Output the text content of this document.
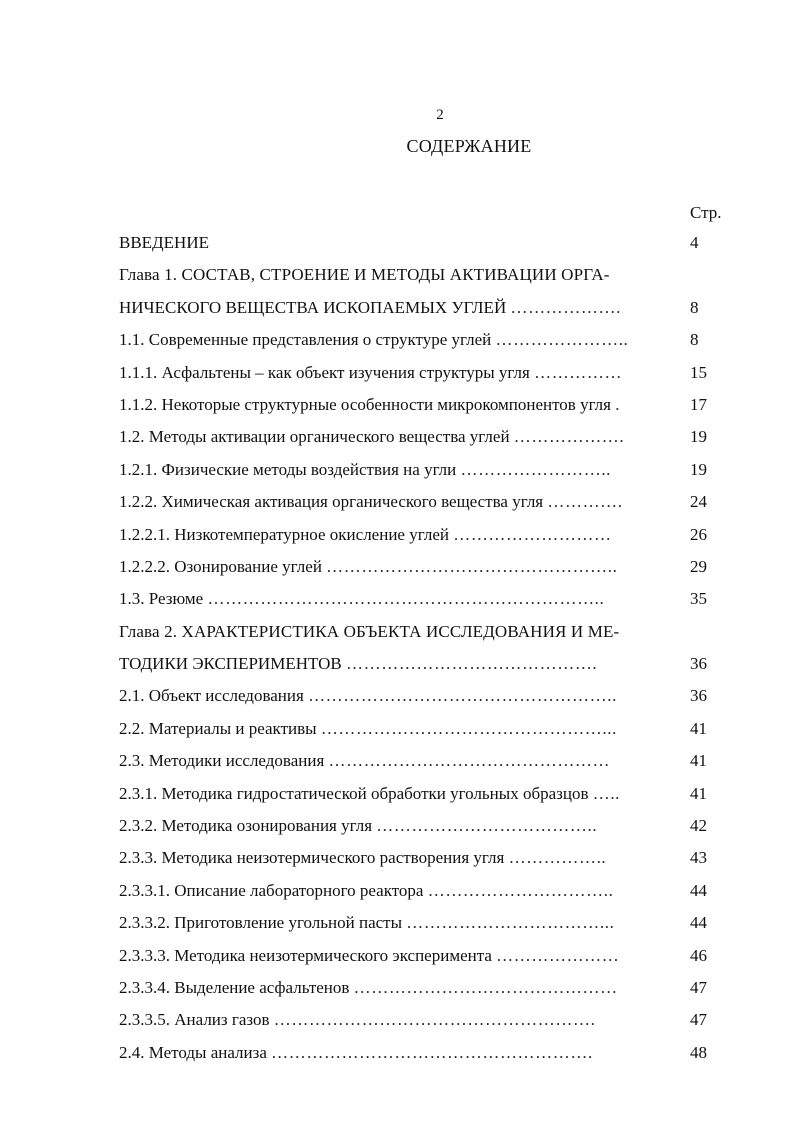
2
СОДЕРЖАНИЕ
Стр.
ВВЕДЕНИЕ	4
Глава 1. СОСТАВ, СТРОЕНИЕ И МЕТОДЫ АКТИВАЦИИ ОРГА-
НИЧЕСКОГО ВЕЩЕСТВА ИСКОПАЕМЫХ УГЛЕЙ ……………….	8
1.1. Современные представления о структуре углей …………………..	8
1.1.1. Асфальтены – как объект изучения структуры угля ……………	15
1.1.2. Некоторые структурные особенности микрокомпонентов угля .	17
1.2. Методы активации органического вещества углей ……………….	19
1.2.1. Физические методы воздействия на угли ……………………..	19
1.2.2. Химическая активация органического вещества угля ………….	24
1.2.2.1. Низкотемпературное окисление углей ………………………	26
1.2.2.2. Озонирование углей …………………………………………..	29
1.3. Резюме …………………………………………………………..	35
Глава 2. ХАРАКТЕРИСТИКА ОБЪЕКТА ИССЛЕДОВАНИЯ И МЕ-
ТОДИКИ ЭКСПЕРИМЕНТОВ …………………………………….	36
2.1. Объект исследования ……………………………………………..	36
2.2. Материалы и реактивы …………………………………………...	41
2.3. Методики исследования …………………………………………	41
2.3.1. Методика гидростатической обработки угольных образцов …..	41
2.3.2. Методика озонирования угля ………………………………..	42
2.3.3. Методика неизотермического растворения угля ……………..	43
2.3.3.1. Описание лабораторного реактора …………………………..	44
2.3.3.2. Приготовление угольной пасты ……………………………...	44
2.3.3.3. Методика неизотермического эксперимента …………………	46
2.3.3.4. Выделение асфальтенов ………………………………………	47
2.3.3.5. Анализ газов ……………………………………………….	47
2.4. Методы анализа ……………………………………………….	48
